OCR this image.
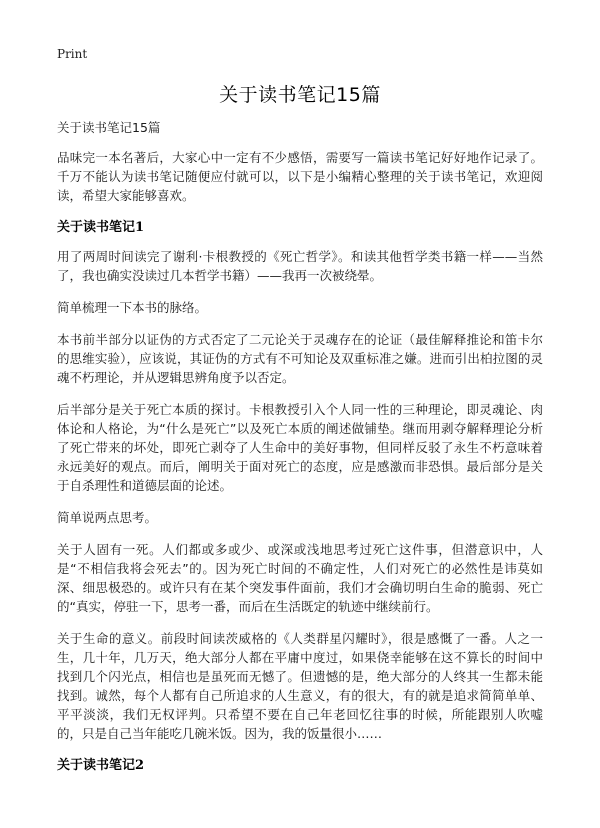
Print
关于读书笔记15篇

关于读书笔记15篇

品味完一本名著后，大家心中一定有不少感悟，需要写一篇读书笔记好好地作记录了。千万不能认为读书笔记随便应付就可以，以下是小编精心整理的关于读书笔记，欢迎阅读，希望大家能够喜欢。

关于读书笔记1

用了两周时间读完了谢利·卡根教授的《死亡哲学》。和读其他哲学类书籍一样——当然了，我也确实没读过几本哲学书籍）——我再一次被绕晕。

简单梳理一下本书的脉络。

本书前半部分以证伪的方式否定了二元论关于灵魂存在的论证（最佳解释推论和笛卡尔的思维实验），应该说，其证伪的方式有不可知论及双重标准之嫌。进而引出柏拉图的灵魂不朽理论，并从逻辑思辨角度予以否定。

后半部分是关于死亡本质的探讨。卡根教授引入个人同一性的三种理论，即灵魂论、肉体论和人格论，为“什么是死亡”以及死亡本质的阐述做铺垫。继而用剥夺解释理论分析了死亡带来的坏处，即死亡剥夺了人生命中的美好事物，但同样反驳了永生不朽意味着永远美好的观点。而后，阐明关于面对死亡的态度，应是感激而非恐惧。最后部分是关于自杀理性和道德层面的论述。

简单说两点思考。

关于人固有一死。人们都或多或少、或深或浅地思考过死亡这件事，但潜意识中，人是“不相信我将会死去”的。因为死亡时间的不确定性，人们对死亡的必然性是讳莫如深、细思极恐的。或许只有在某个突发事件面前，我们才会确切明白生命的脆弱、死亡的“真实，停驻一下，思考一番，而后在生活既定的轨迹中继续前行。

关于生命的意义。前段时间读茨威格的《人类群星闪耀时》，很是感慨了一番。人之一生，几十年，几万天，绝大部分人都在平庸中度过，如果侥幸能够在这不算长的时间中找到几个闪光点，相信也是虽死而无憾了。但遗憾的是，绝大部分的人终其一生都未能找到。诚然，每个人都有自己所追求的人生意义，有的很大，有的就是追求简简单单、平平淡淡，我们无权评判。只希望不要在自己年老回忆往事的时候，所能跟别人吹嘘的，只是自己当年能吃几碗米饭。因为，我的饭量很小……

关于读书笔记2
